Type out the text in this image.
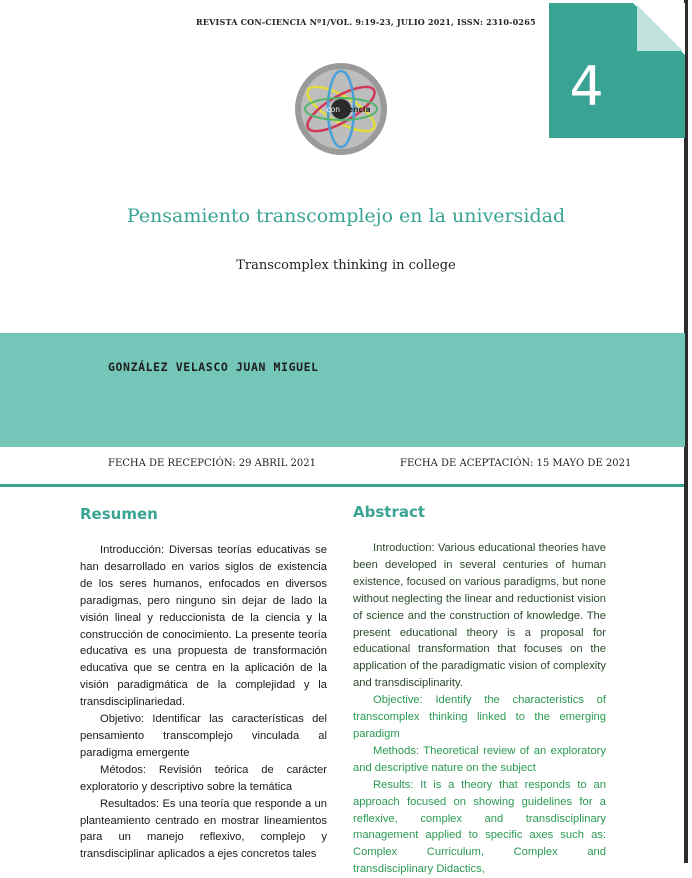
REVISTA CON-CIENCIA Nº1/VOL. 9:19-23, JULIO 2021, ISSN: 2310-0265
4
con ciencia
Pensamiento transcomplejo en la universidad
Transcomplex thinking in college
GONZÁLEZ VELASCO JUAN MIGUEL
FECHA DE RECEPCIÓN: 29 ABRIL 2021	FECHA DE ACEPTACIÓN: 15 MAYO DE 2021
Resumen	Abstract

Introducción: Diversas teorías educativas se han desarrollado en varios siglos de existencia de los seres humanos, enfocados en diversos paradigmas, pero ninguno sin dejar de lado la visión lineal y reduccionista de la ciencia y la construcción de conocimiento. La presente teoría educativa es una propuesta de transformación educativa que se centra en la aplicación de la visión paradigmática de la complejidad y la transdisciplinariedad.

Objetivo: Identificar las características del pensamiento transcomplejo vinculada al paradigma emergente

Métodos: Revisión teórica de carácter exploratorio y descriptivo sobre la temática

Resultados: Es una teoría que responde a un planteamiento centrado en mostrar lineamientos para un manejo reflexivo, complejo y transdisciplinar aplicados a ejes concretos tales

Introduction: Various educational theories have been developed in several centuries of human existence, focused on various paradigms, but none without neglecting the linear and reductionist vision of science and the construction of knowledge. The present educational theory is a proposal for educational transformation that focuses on the application of the paradigmatic vision of complexity and transdisciplinarity.

Objective: Identify the characteristics of transcomplex thinking linked to the emerging paradigm

Methods: Theoretical review of an exploratory and descriptive nature on the subject

Results: It is a theory that responds to an approach focused on showing guidelines for a reflexive, complex and transdisciplinary management applied to specific axes such as: Complex Curriculum, Complex and transdisciplinary Didactics,
